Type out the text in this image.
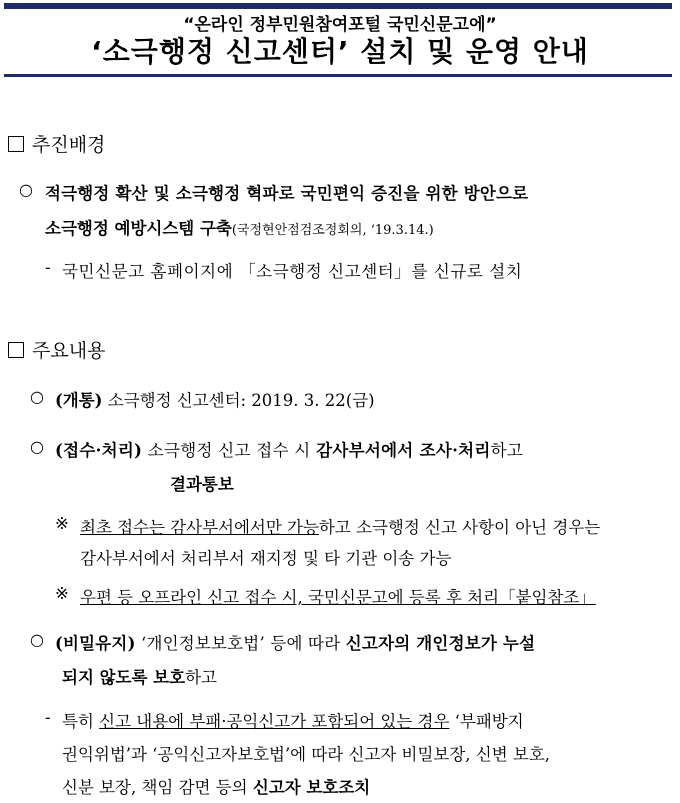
“온라인 정부민원참여포털 국민신문고에”
‘소극행정 신고센터’ 설치 및 운영 안내
추진배경
○ 적극행정 확산 및 소극행정 혁파로 국민편익 증진을 위한 방안으로
소극행정 예방시스템 구축(국정현안점검조정회의, ‘19.3.14.)
- 국민신문고 홈페이지에 「소극행정 신고센터」를 신규로 설치
주요내용
○ (개통) 소극행정 신고센터: 2019. 3. 22(금)
○ (접수·처리) 소극행정 신고 접수 시 감사부서에서 조사·처리하고
결과통보
※ 최초 접수는 감사부서에서만 가능하고 소극행정 신고 사항이 아닌 경우는
감사부서에서 처리부서 재지정 및 타 기관 이송 가능
※ 우편 등 오프라인 신고 접수 시, 국민신문고에 등록 후 처리「붙임참조」
○ (비밀유지) ‘개인정보보호법’ 등에 따라 신고자의 개인정보가 누설
되지 않도록 보호하고
- 특히 신고 내용에 부패·공익신고가 포함되어 있는 경우 ‘부패방지
권익위법’과 ‘공익신고자보호법’에 따라 신고자 비밀보장, 신변 보호,
신분 보장, 책임 감면 등의 신고자 보호조치
